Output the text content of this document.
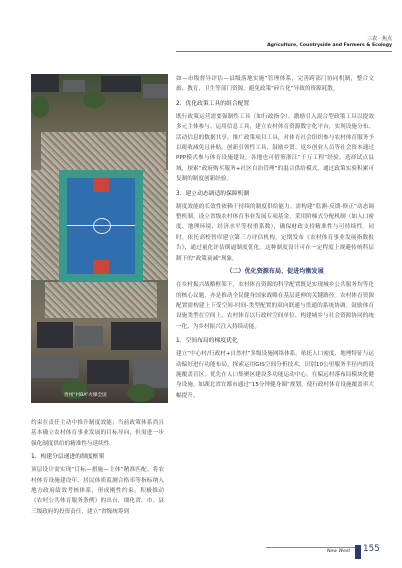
三农 · 焦点
Agriculture, Countryside and Farmers & Ecology
贵州“村BA”火爆全国

约束在责任主动中推升制度效能；当前政策体系尚且基本确立农村体育事业发展的目标导向，但需进一步强化制度供给的精准性与延续性。

1．构建分层递进的制度框架

顶层设计需实现“目标—措施—主体”精准匹配。将农村体育设施建设年、居民体质监测合格率等指标纳入地方政府绩效考核体系，形成刚性约束。积极推动《农村公共体育服务条例》的出台，细化省、市、县三级政府的投资责任，建立“省级统筹到

如—市级督导评估—县级落地实施”管理体系，完善跨部门协同机制，整合文旅、教育、卫生等部门资源，避免政策“碎片化”导致的资源耗散。

2．优化政策工具的组合配置

既行政策运营需要强制性工具（如行政指令）、激励引入混合型政策工具以提效多元主体参与。运用信息工具，建立农村体育资源数字化平台，实现设施分布、活动信息的数据共享。推广政策项目工具，对体育社会组织参与农村体育服务予以税收减免且补贴。创新引领性工具，鼓励乡贤、返乡创业人员等社会资本通过PPP模式参与体育设施建设。各地也可借鉴浙江“千万工程”经验，选择试点县域，探索“政府购买服务+社区自治管理”的混合供给模式，通过政策实验积累可复制的制度创新经验。

3．建立动态调适的保障机制

制度效能的长效性依赖于持续的制度供给能力。需构建“监测-反馈-修正”动态调整机制。设立省级农村体育事业发展专项基金，采用阶梯式分配机制（如人口密度、地理环境、经济水平等权重系数），确保财政支持精准性与可持续性。同时，依托高校智库建立第三方评估机构，定期发布《农村体育事业发展指数报告》，通过量化评估倒逼制度优化。这种制度设计可在一定程度上规避传统科层制下的“政策衰减”现象。

（二）优化资源布局，促进均衡发展

在乡村振兴战略框架下，农村体育资源的科学配置既是实现城乡公共服务均等化的核心议题，亦是推动全民健身国家战略在基层延伸的关键路径。农村体育资源配置需构建上下受空间-时间-类型配置的双向联通与贯通的系统协调。鼓励体育设施类型在空间上、农村体育以行政村空间单位、构建城乡与社会资源协同的统一化，为乡村振兴注入持续动能。

1．空间布局的梯度优化

建立“中心村/行政村+自然村”多级设施网络体系。依托人口密度、地理特征与运动偏好进行功能布局。探索运用GIS空间分析技术，识别10公里服务半径内的设施覆盖盲区，优先在人口集聚区建设多功能运动中心。在偏远村落布局模块化健身设施。如湖北省宜都市通过“15分钟健身圈”规划，使行政村体育设施覆盖率大幅提升。

New West 155
